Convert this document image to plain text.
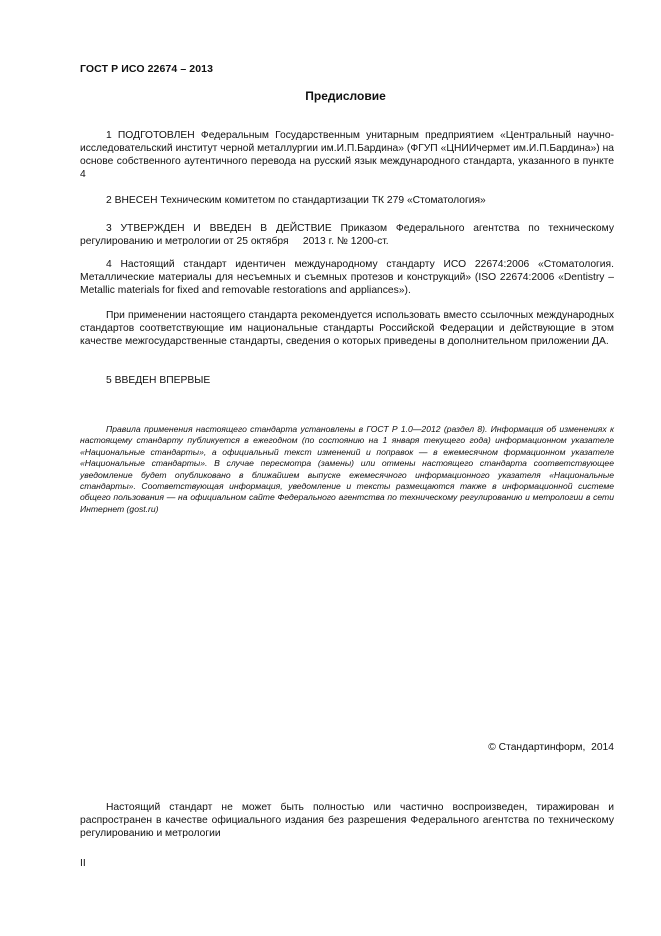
ГОСТ Р ИСО 22674 – 2013
Предисловие

1 ПОДГОТОВЛЕН Федеральным Государственным унитарным предприятием «Центральный научно-исследовательский институт черной металлургии им.И.П.Бардина» (ФГУП «ЦНИИчермет им.И.П.Бардина») на основе собственного аутентичного перевода на русский язык международного стандарта, указанного в пункте 4

2 ВНЕСЕН Техническим комитетом по стандартизации ТК 279 «Стоматология»

3 УТВЕРЖДЕН И ВВЕДЕН В ДЕЙСТВИЕ Приказом Федерального агентства по техническому регулированию и метрологии от 25 октября     2013 г. № 1200-ст.

4 Настоящий стандарт идентичен международному стандарту ИСО 22674:2006 «Стоматология. Металлические материалы для несъемных и съемных протезов и конструкций» (ISO 22674:2006 «Dentistry – Metallic materials for fixed and removable restorations and appliances»).

При применении настоящего стандарта рекомендуется использовать вместо ссылочных международных стандартов соответствующие им национальные стандарты Российской Федерации и действующие в этом качестве межгосударственные стандарты, сведения о которых приведены в дополнительном приложении ДА.

5 ВВЕДЕН ВПЕРВЫЕ

Правила применения настоящего стандарта установлены в ГОСТ Р 1.0—2012 (раздел 8). Информация об изменениях к настоящему стандарту публикуется в ежегодном (по состоянию на 1 января текущего года) информационном указателе «Национальные стандарты», а официальный текст изменений и поправок — в ежемесячном формационном указателе «Национальные стандарты». В случае пересмотра (замены) или отмены настоящего стандарта соответствующее уведомление будет опубликовано в ближайшем выпуске ежемесячного информационного указателя «Национальные стандарты». Соответствующая информация, уведомление и тексты размещаются также в информационной системе общего пользования — на официальном сайте Федерального агентства по техническому регулированию и метрологии в сети Интернет (gost.ru)

© Стандартинформ,  2014

Настоящий стандарт не может быть полностью или частично воспроизведен, тиражирован и распространен в качестве официального издания без разрешения Федерального агентства по техническому регулированию и метрологии

II
